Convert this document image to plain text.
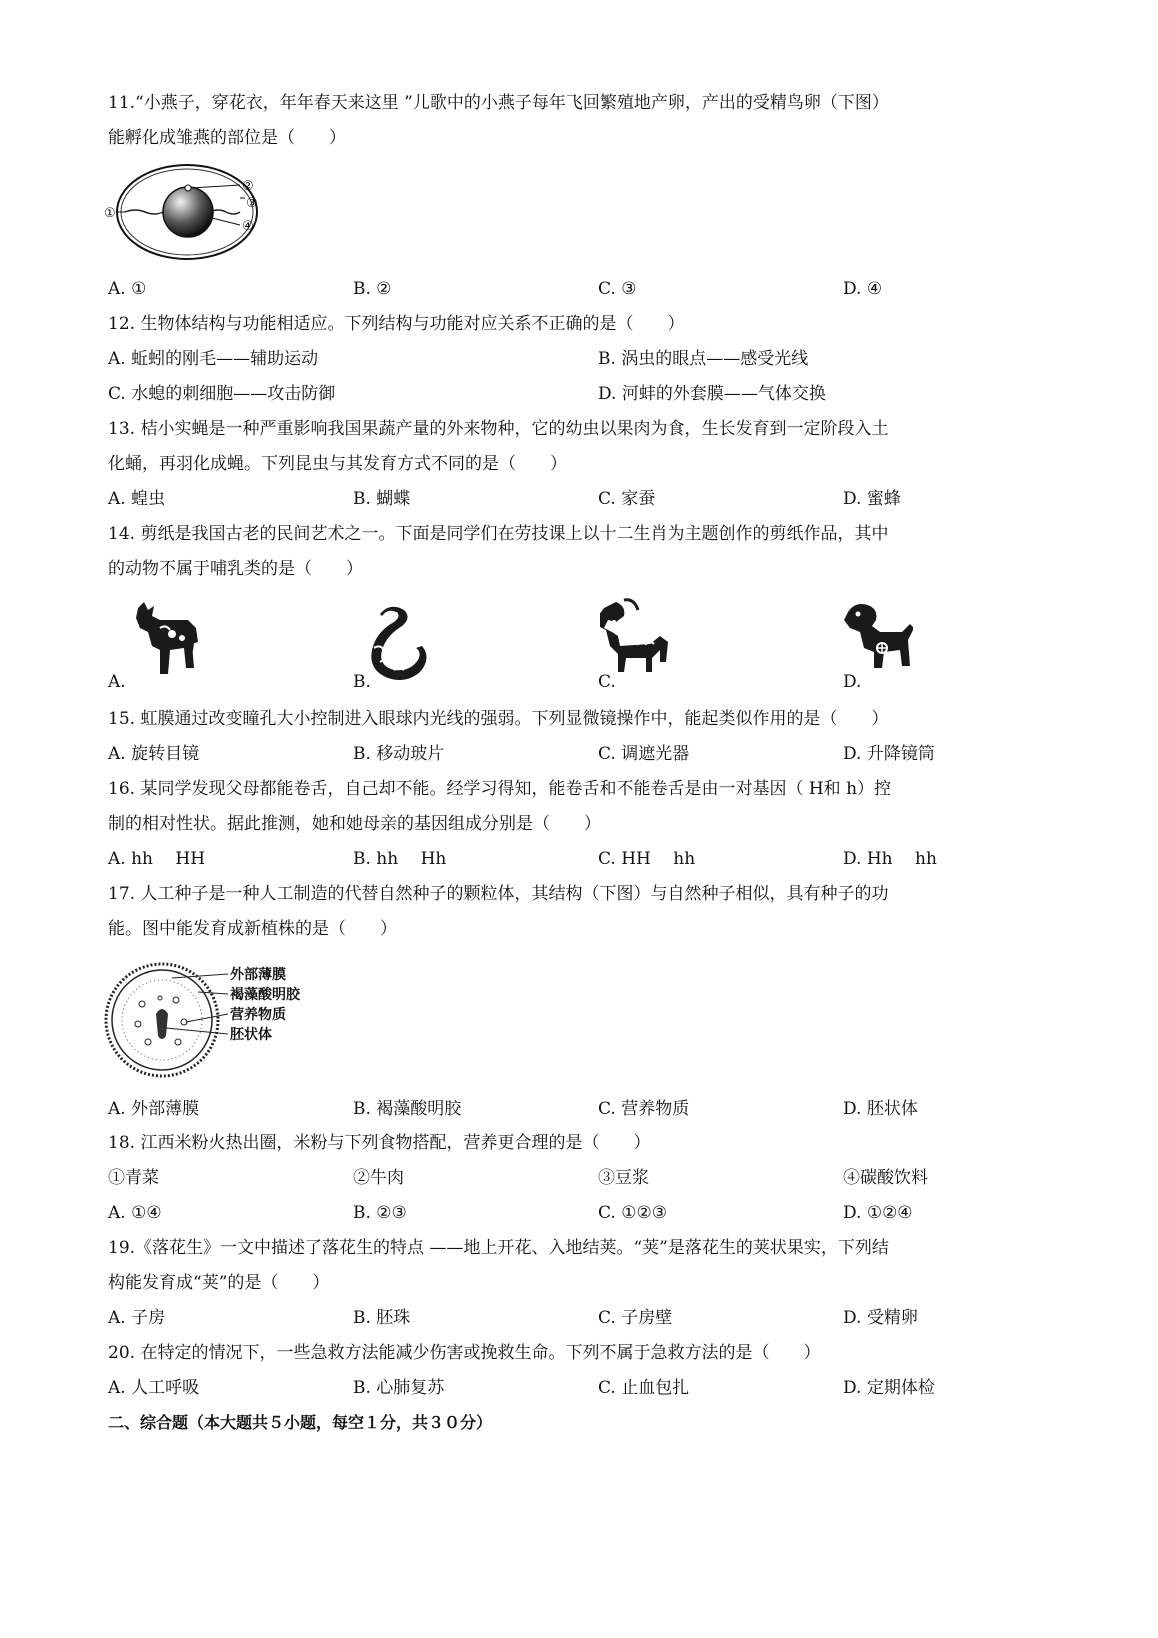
11.“小燕子，穿花衣，年年春天来这里 ”儿歌中的小燕子每年飞回繁殖地产卵，产出的受精鸟卵（下图）
能孵化成雏燕的部位是（　　）
①
②
③
④
A. ①	B. ②	C. ③	D. ④
12. 生物体结构与功能相适应。下列结构与功能对应关系不正确的是（　　）
A. 蚯蚓的刚毛——辅助运动	B. 涡虫的眼点——感受光线
C. 水螅的刺细胞——攻击防御	D. 河蚌的外套膜——气体交换
13. 桔小实蝇是一种严重影响我国果蔬产量的外来物种，它的幼虫以果肉为食，生长发育到一定阶段入土
化蛹，再羽化成蝇。下列昆虫与其发育方式不同的是（　　）
A. 蝗虫	B. 蝴蝶	C. 家蚕	D. 蜜蜂
14. 剪纸是我国古老的民间艺术之一。下面是同学们在劳技课上以十二生肖为主题创作的剪纸作品，其中
的动物不属于哺乳类的是（　　）
A.	B.	C.	D.
15. 虹膜通过改变瞳孔大小控制进入眼球内光线的强弱。下列显微镜操作中，能起类似作用的是（　　）
A. 旋转目镜	B. 移动玻片	C. 调遮光器	D. 升降镜筒
16. 某同学发现父母都能卷舌，自己却不能。经学习得知，能卷舌和不能卷舌是由一对基因（ H和 h）控
制的相对性状。据此推测，她和她母亲的基因组成分别是（　　）
A. hh　 HH	B. hh　 Hh	C. HH　 hh	D. Hh　 hh
17. 人工种子是一种人工制造的代替自然种子的颗粒体，其结构（下图）与自然种子相似，具有种子的功
能。图中能发育成新植株的是（　　）
外部薄膜
褐藻酸明胶
营养物质
胚状体
A. 外部薄膜	B. 褐藻酸明胶	C. 营养物质	D. 胚状体
18. 江西米粉火热出圈，米粉与下列食物搭配，营养更合理的是（　　）
①青菜	②牛肉	③豆浆	④碳酸饮料
A. ①④	B. ②③	C. ①②③	D. ①②④
19.《落花生》一文中描述了落花生的特点 ——地上开花、入地结荚。“荚”是落花生的荚状果实，下列结
构能发育成“荚”的是（　　）
A. 子房	B. 胚珠	C. 子房壁	D. 受精卵
20. 在特定的情况下，一些急救方法能减少伤害或挽救生命。下列不属于急救方法的是（　　）
A. 人工呼吸	B. 心肺复苏	C. 止血包扎	D. 定期体检
二、综合题（本大题共５小题，每空１分，共３０分）
